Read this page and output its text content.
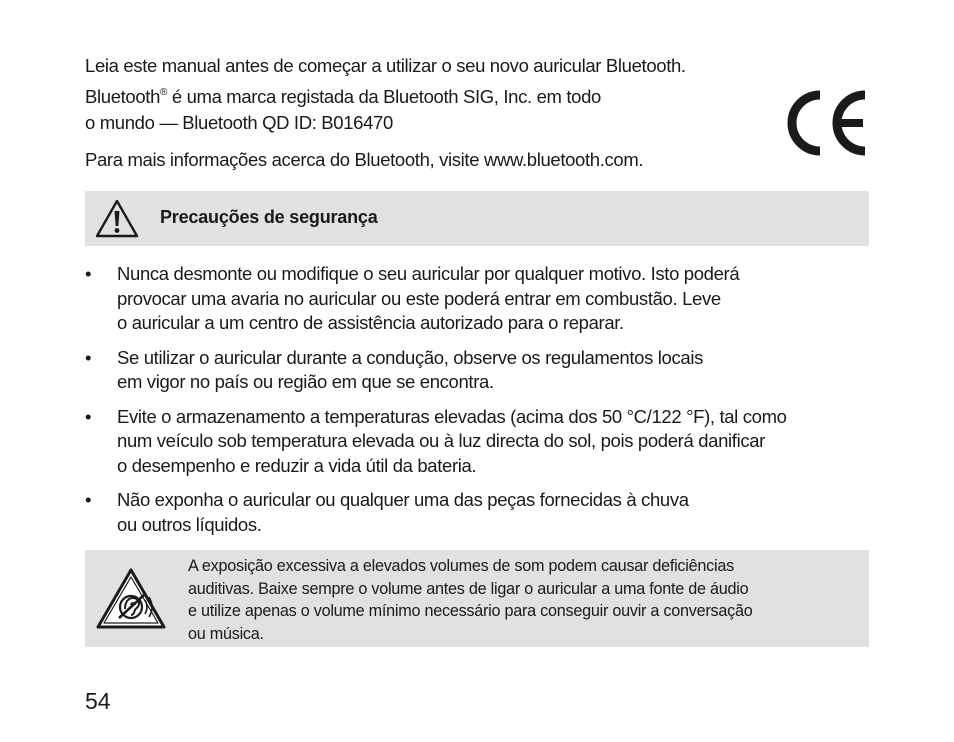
Leia este manual antes de começar a utilizar o seu novo auricular Bluetooth.
Bluetooth® é uma marca registada da Bluetooth SIG, Inc. em todo
o mundo — Bluetooth QD ID: B016470
Para mais informações acerca do Bluetooth, visite www.bluetooth.com.
Precauções de segurança
• Nunca desmonte ou modifique o seu auricular por qualquer motivo. Isto poderá
provocar uma avaria no auricular ou este poderá entrar em combustão. Leve
o auricular a um centro de assistência autorizado para o reparar.
• Se utilizar o auricular durante a condução, observe os regulamentos locais
em vigor no país ou região em que se encontra.
• Evite o armazenamento a temperaturas elevadas (acima dos 50 °C/122 °F), tal como
num veículo sob temperatura elevada ou à luz directa do sol, pois poderá danificar
o desempenho e reduzir a vida útil da bateria.
• Não exponha o auricular ou qualquer uma das peças fornecidas à chuva
ou outros líquidos.
A exposição excessiva a elevados volumes de som podem causar deficiências
auditivas. Baixe sempre o volume antes de ligar o auricular a uma fonte de áudio
e utilize apenas o volume mínimo necessário para conseguir ouvir a conversação
ou música.
54
